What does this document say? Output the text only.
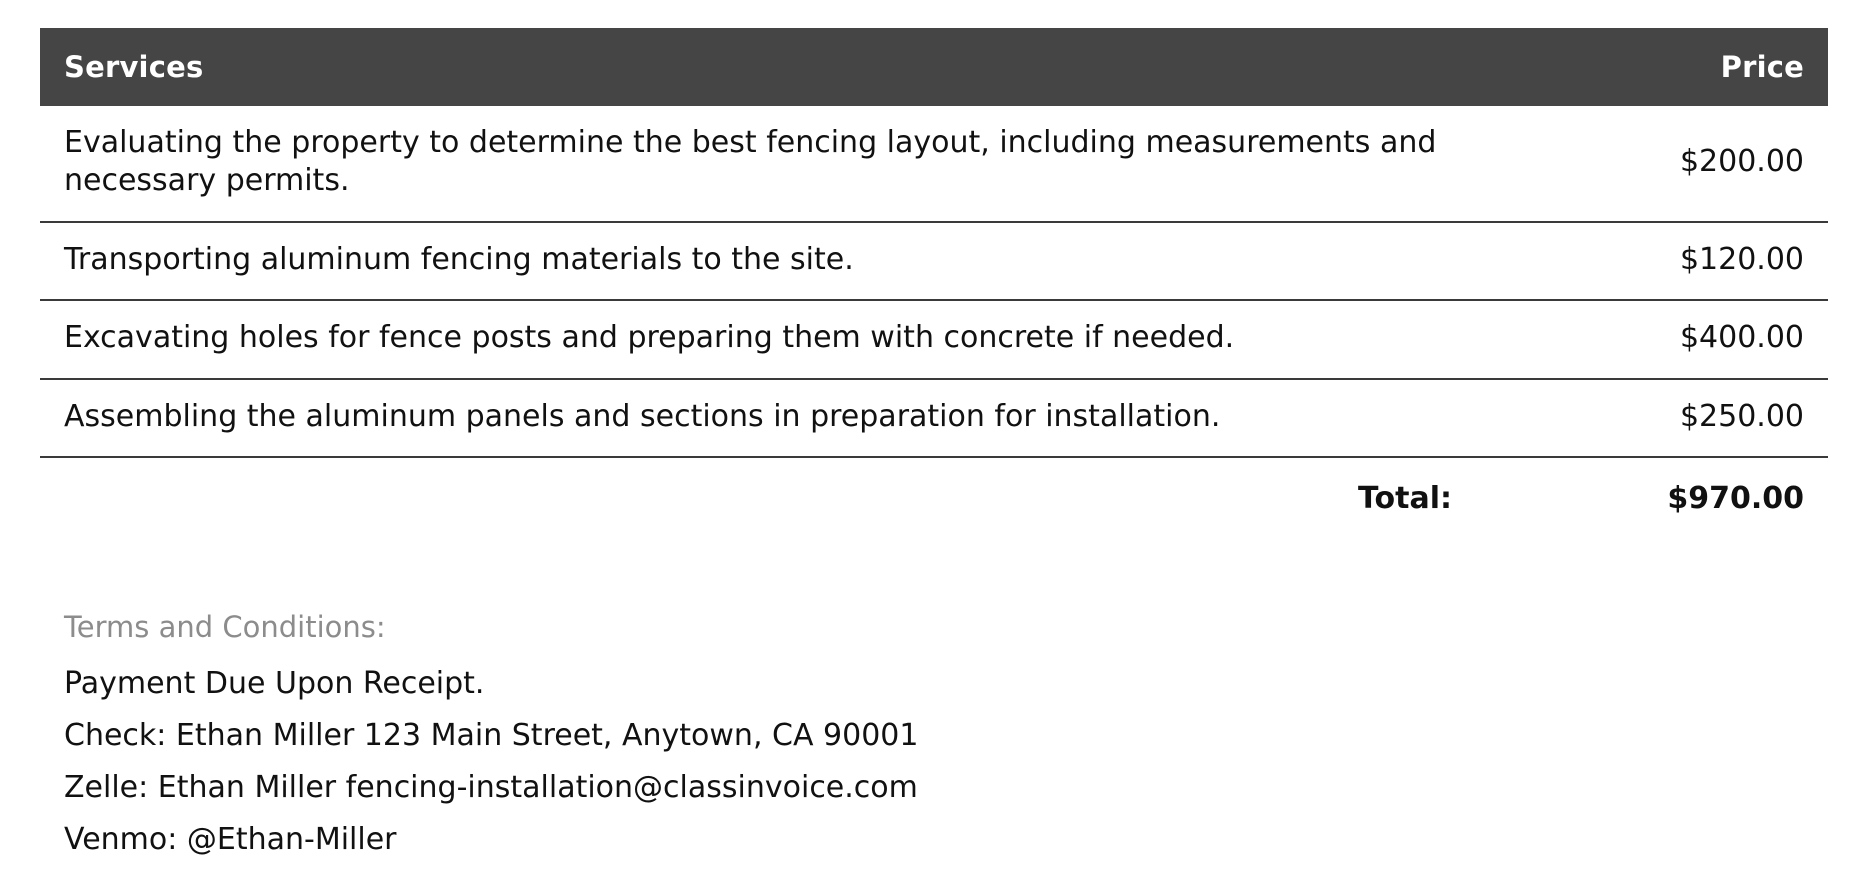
Services	Price
Evaluating the property to determine the best fencing layout, including measurements and necessary permits.	$200.00
Transporting aluminum fencing materials to the site.	$120.00
Excavating holes for fence posts and preparing them with concrete if needed.	$400.00
Assembling the aluminum panels and sections in preparation for installation.	$250.00
Total:	$970.00
Terms and Conditions:
Payment Due Upon Receipt.
Check: Ethan Miller 123 Main Street, Anytown, CA 90001
Zelle: Ethan Miller fencing-installation@classinvoice.com
Venmo: @Ethan-Miller
